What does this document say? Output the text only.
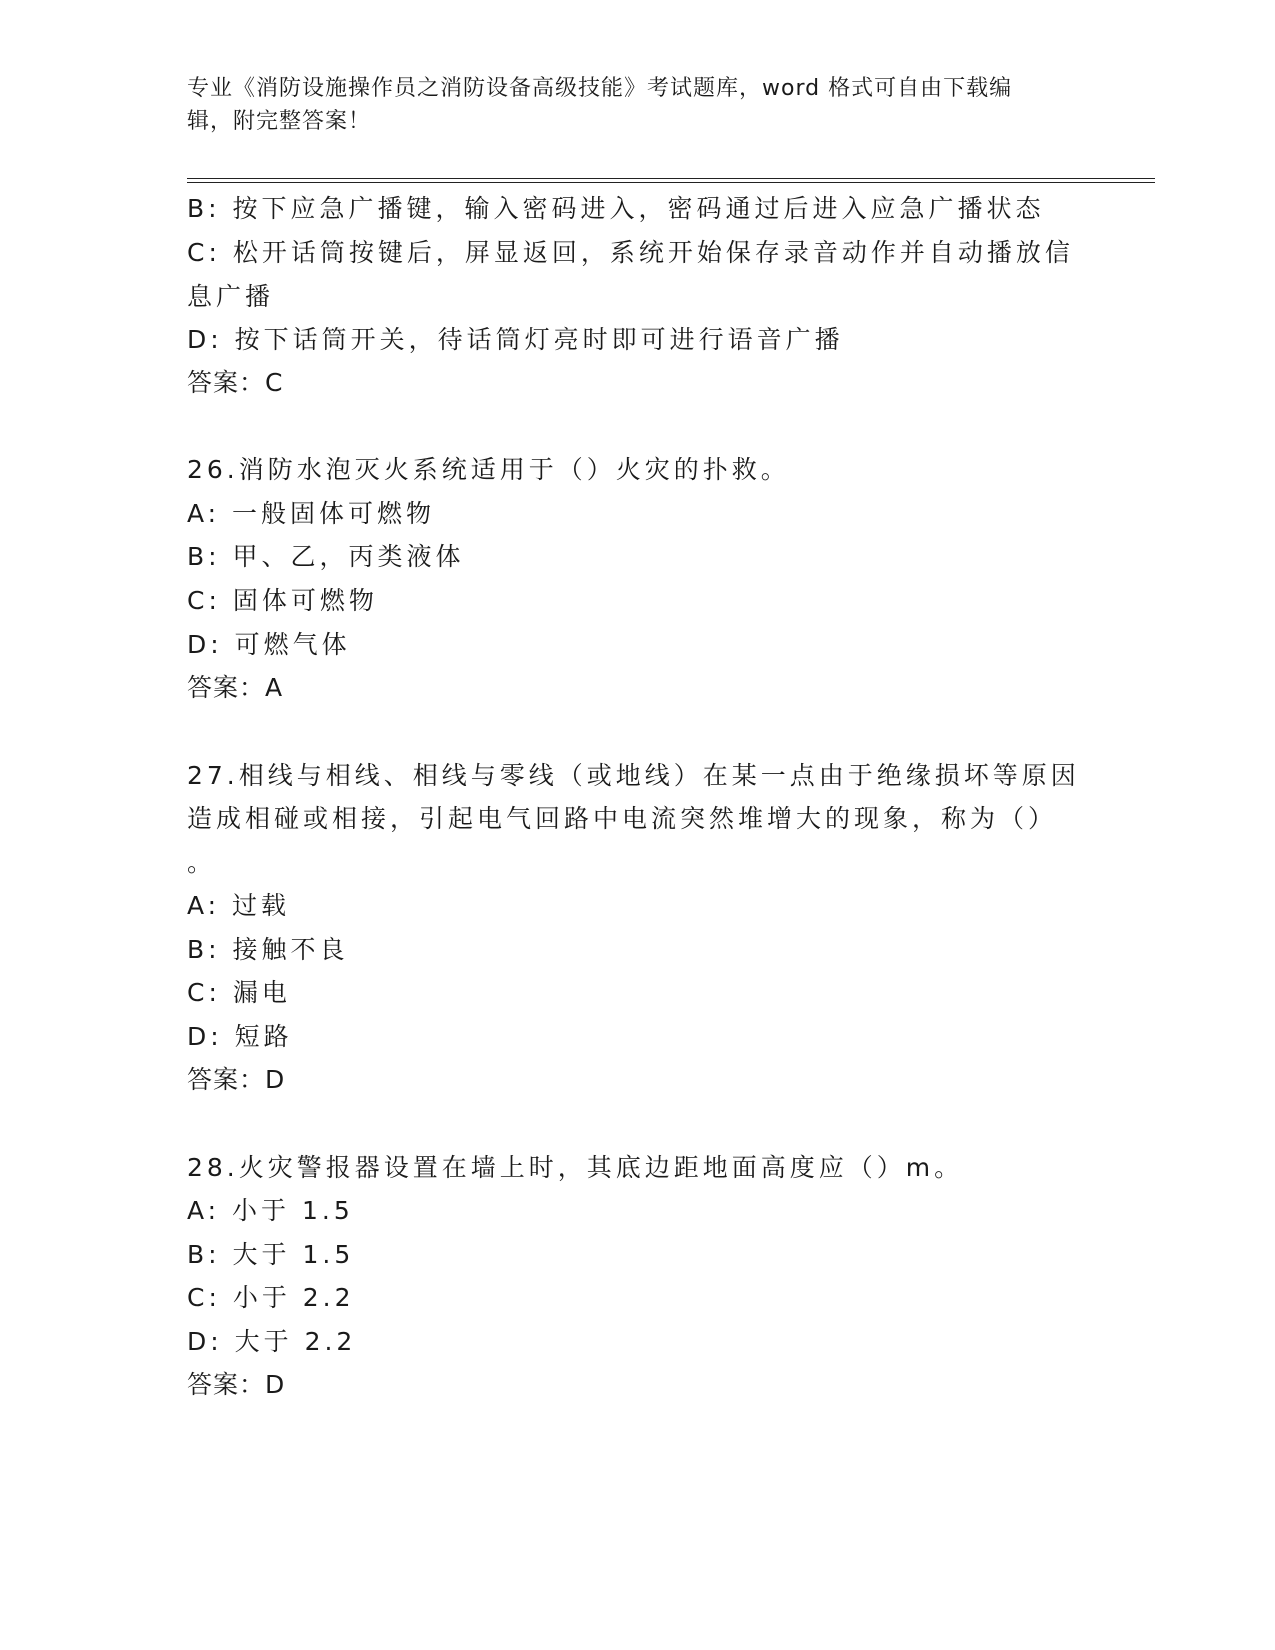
专业《消防设施操作员之消防设备高级技能》考试题库，word 格式可自由下载编
辑，附完整答案！
B: 按下应急广播键，输入密码进入，密码通过后进入应急广播状态
C: 松开话筒按键后，屏显返回，系统开始保存录音动作并自动播放信
息广播
D: 按下话筒开关，待话筒灯亮时即可进行语音广播
答案：C
26.消防水泡灭火系统适用于（）火灾的扑救。
A: 一般固体可燃物
B: 甲、乙，丙类液体
C: 固体可燃物
D: 可燃气体
答案：A
27.相线与相线、相线与零线（或地线）在某一点由于绝缘损坏等原因
造成相碰或相接，引起电气回路中电流突然堆增大的现象，称为（）
。
A: 过载
B: 接触不良
C: 漏电
D: 短路
答案：D
28.火灾警报器设置在墙上时，其底边距地面高度应（）m。
A: 小于 1.5
B: 大于 1.5
C: 小于 2.2
D: 大于 2.2
答案：D
